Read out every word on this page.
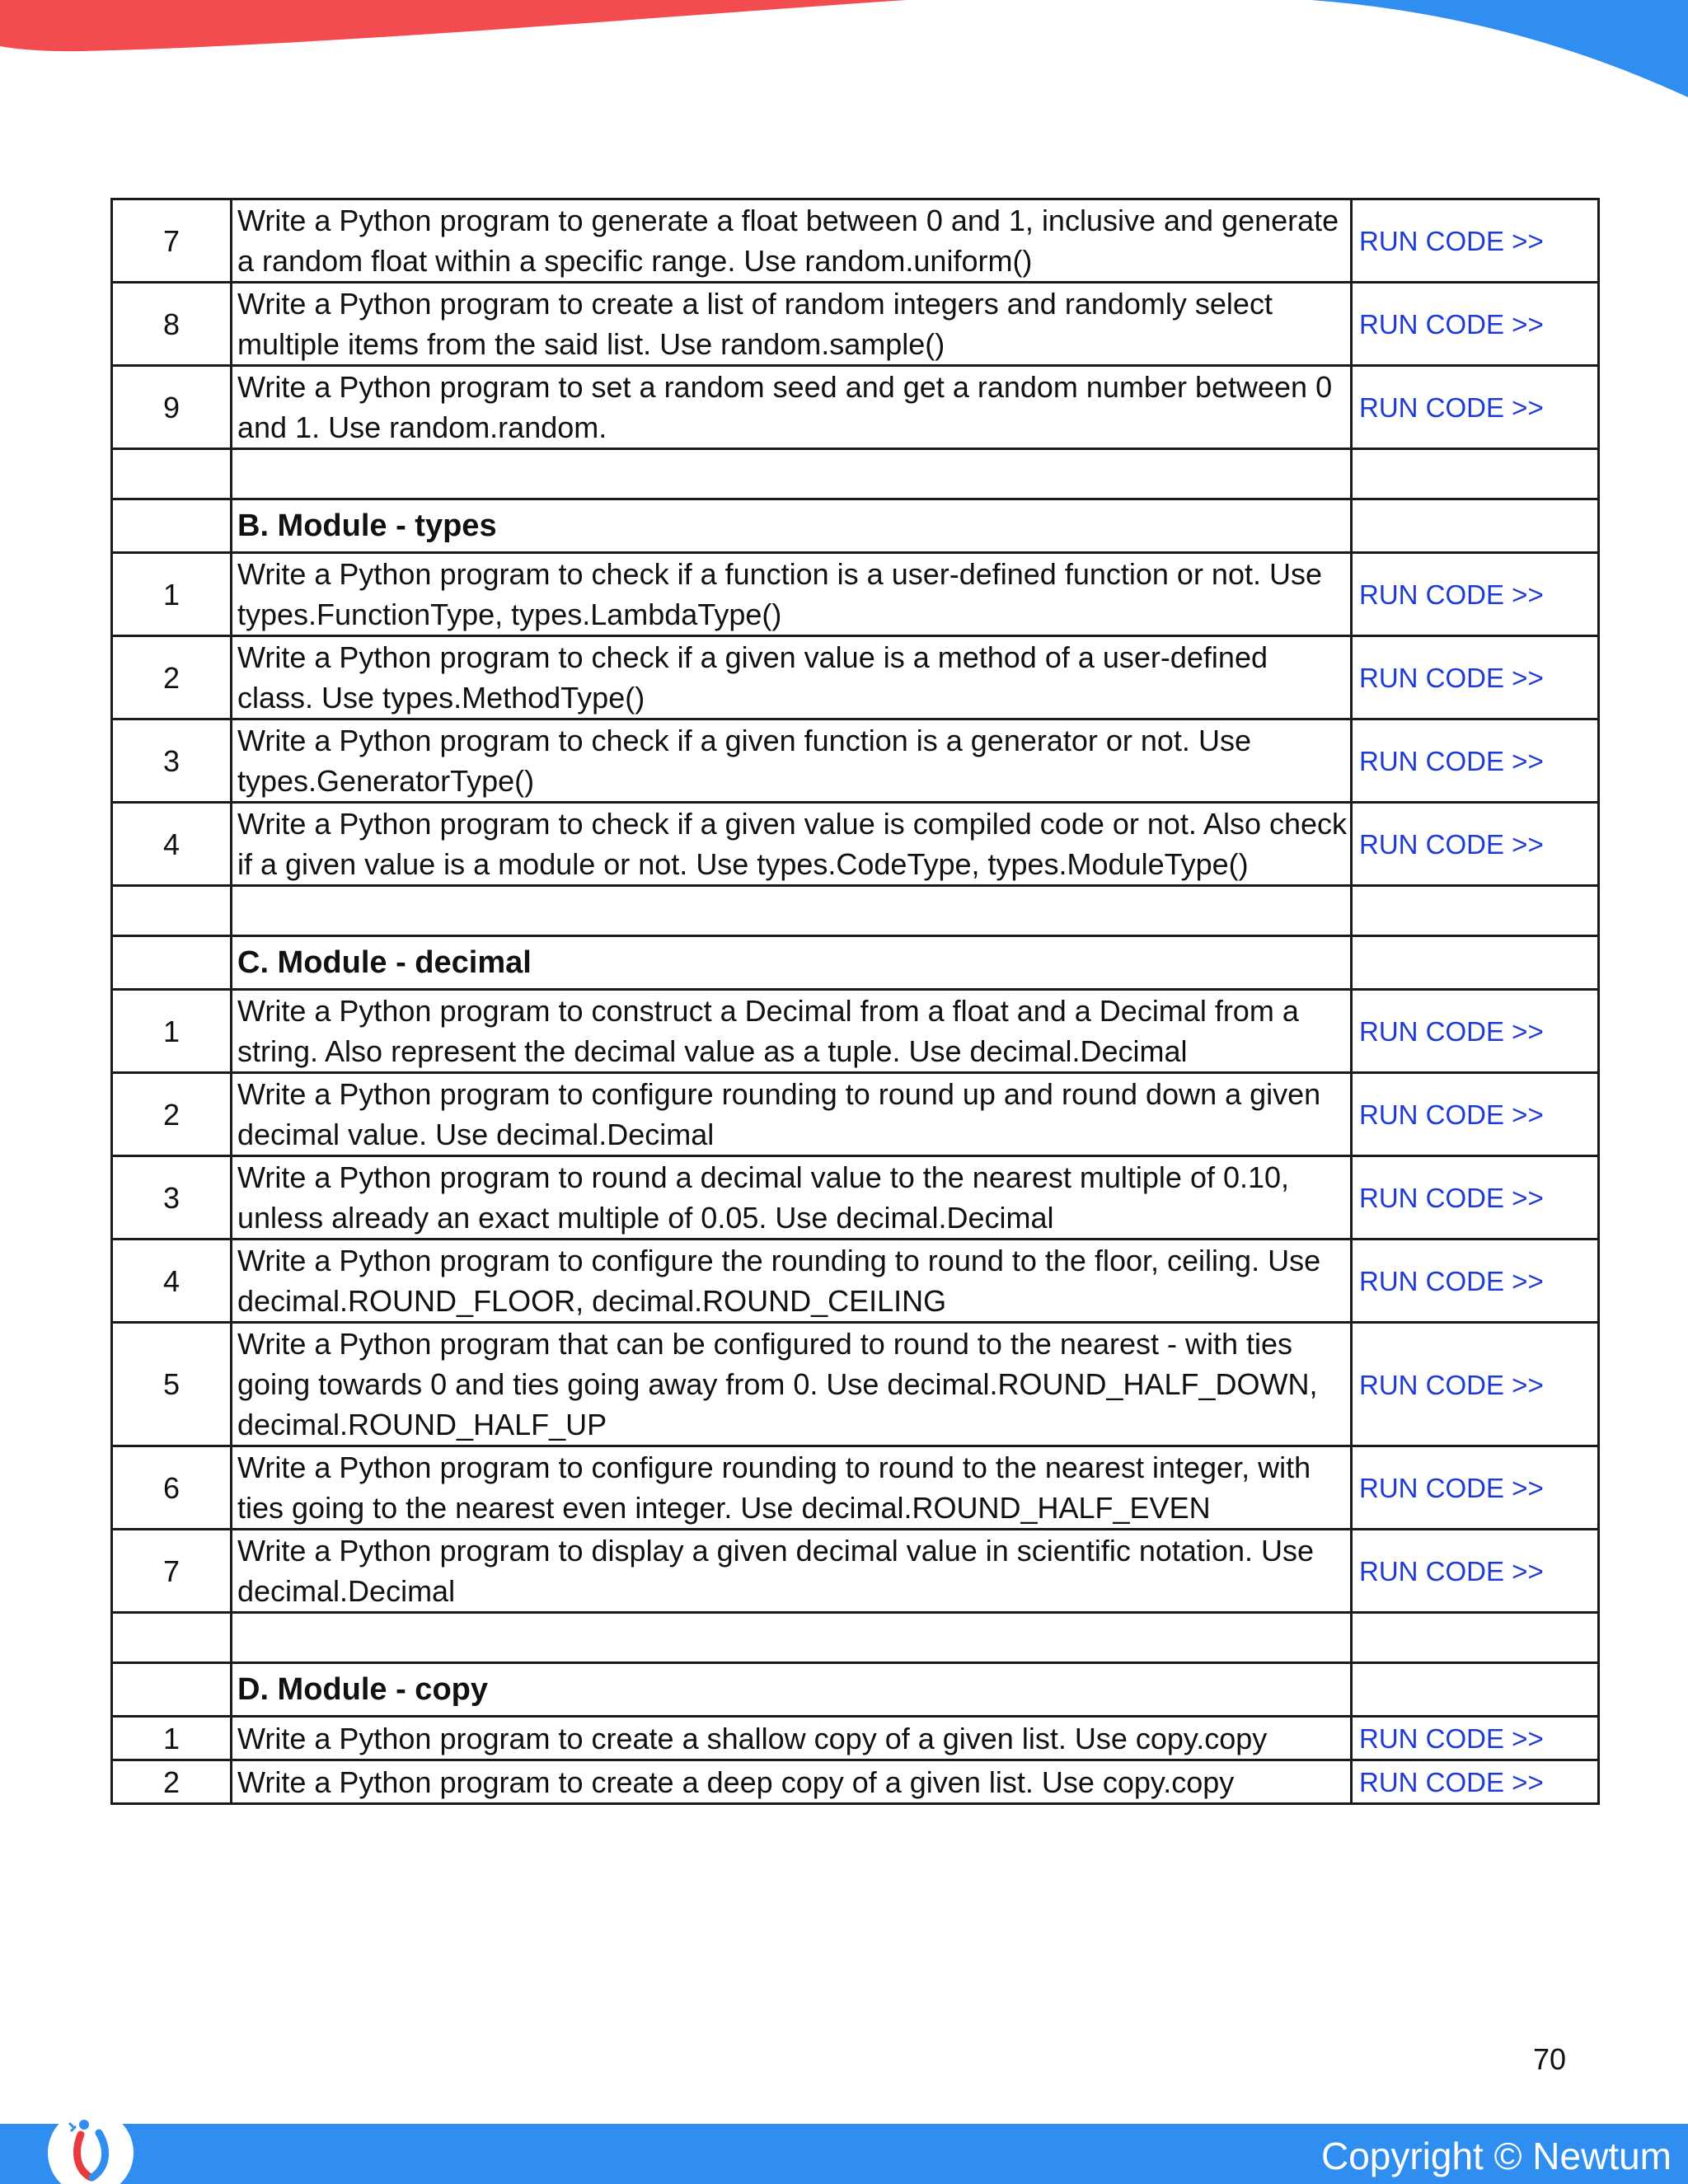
7	Write a Python program to generate a float between 0 and 1, inclusive and generate a random float within a specific range. Use random.uniform()	RUN CODE >>
8	Write a Python program to create a list of random integers and randomly select multiple items from the said list. Use random.sample()	RUN CODE >>
9	Write a Python program to set a random seed and get a random number between 0 and 1. Use random.random.	RUN CODE >>

	B. Module - types	
1	Write a Python program to check if a function is a user-defined function or not. Use types.FunctionType, types.LambdaType()	RUN CODE >>
2	Write a Python program to check if a given value is a method of a user-defined class. Use types.MethodType()	RUN CODE >>
3	Write a Python program to check if a given function is a generator or not. Use types.GeneratorType()	RUN CODE >>
4	Write a Python program to check if a given value is compiled code or not. Also check if a given value is a module or not. Use types.CodeType, types.ModuleType()	RUN CODE >>

	C. Module - decimal	
1	Write a Python program to construct a Decimal from a float and a Decimal from a string. Also represent the decimal value as a tuple. Use decimal.Decimal	RUN CODE >>
2	Write a Python program to configure rounding to round up and round down a given decimal value. Use decimal.Decimal	RUN CODE >>
3	Write a Python program to round a decimal value to the nearest multiple of 0.10, unless already an exact multiple of 0.05. Use decimal.Decimal	RUN CODE >>
4	Write a Python program to configure the rounding to round to the floor, ceiling. Use decimal.ROUND_FLOOR, decimal.ROUND_CEILING	RUN CODE >>
5	Write a Python program that can be configured to round to the nearest - with ties going towards 0 and ties going away from 0. Use decimal.ROUND_HALF_DOWN, decimal.ROUND_HALF_UP	RUN CODE >>
6	Write a Python program to configure rounding to round to the nearest integer, with ties going to the nearest even integer. Use decimal.ROUND_HALF_EVEN	RUN CODE >>
7	Write a Python program to display a given decimal value in scientific notation. Use decimal.Decimal	RUN CODE >>

	D. Module - copy	
1	Write a Python program to create a shallow copy of a given list. Use copy.copy	RUN CODE >>
2	Write a Python program to create a deep copy of a given list. Use copy.copy	RUN CODE >>
70
Copyright © Newtum
